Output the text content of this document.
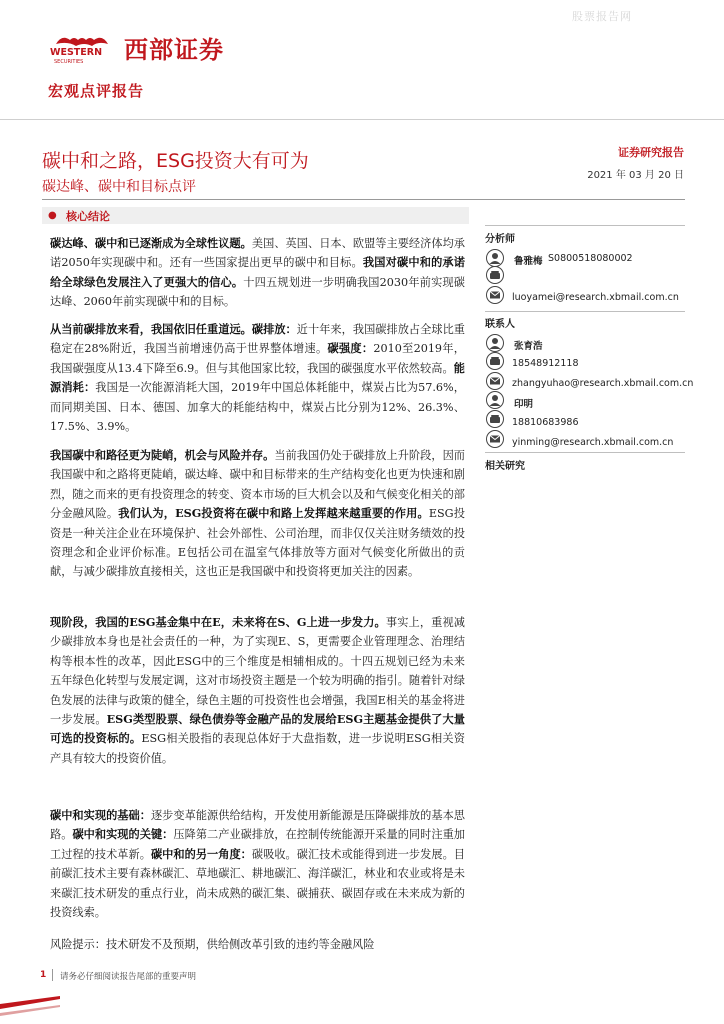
股票报告网
WESTERN
SECURITIES 西部证券
宏观点评报告
碳中和之路，ESG投资大有可为
碳达峰、碳中和目标点评
证券研究报告
2021 年 03 月 20 日
● 核心结论
碳达峰、碳中和已逐渐成为全球性议题。美国、英国、日本、欧盟等主要经济体均承诺2050年实现碳中和。还有一些国家提出更早的碳中和目标。我国对碳中和的承诺给全球绿色发展注入了更强大的信心。十四五规划进一步明确我国2030年前实现碳达峰、2060年前实现碳中和的目标。
从当前碳排放来看，我国依旧任重道远。碳排放：近十年来，我国碳排放占全球比重稳定在28%附近，我国当前增速仍高于世界整体增速。碳强度：2010至2019年，我国碳强度从13.4下降至6.9。但与其他国家比较，我国的碳强度水平依然较高。能源消耗：我国是一次能源消耗大国，2019年中国总体耗能中，煤炭占比为57.6%，而同期美国、日本、德国、加拿大的耗能结构中，煤炭占比分别为12%、26.3%、17.5%、3.9%。
我国碳中和路径更为陡峭，机会与风险并存。当前我国仍处于碳排放上升阶段，因而我国碳中和之路将更陡峭，碳达峰、碳中和目标带来的生产结构变化也更为快速和剧烈，随之而来的更有投资理念的转变、资本市场的巨大机会以及和气候变化相关的部分金融风险。我们认为，ESG投资将在碳中和路上发挥越来越重要的作用。ESG投资是一种关注企业在环境保护、社会外部性、公司治理，而非仅仅关注财务绩效的投资理念和企业评价标准。E包括公司在温室气体排放等方面对气候变化所做出的贡献，与减少碳排放直接相关，这也正是我国碳中和投资将更加关注的因素。
现阶段，我国的ESG基金集中在E，未来将在S、G上进一步发力。事实上，重视减少碳排放本身也是社会责任的一种，为了实现E、S，更需要企业管理理念、治理结构等根本性的改革，因此ESG中的三个维度是相辅相成的。十四五规划已经为未来五年绿色化转型与发展定调，这对市场投资主题是一个较为明确的指引。随着针对绿色发展的法律与政策的健全，绿色主题的可投资性也会增强，我国E相关的基金将进一步发展。ESG类型股票、绿色债券等金融产品的发展给ESG主题基金提供了大量可选的投资标的。ESG相关股指的表现总体好于大盘指数，进一步说明ESG相关资产具有较大的投资价值。
碳中和实现的基础：逐步变革能源供给结构，开发使用新能源是压降碳排放的基本思路。碳中和实现的关键：压降第二产业碳排放，在控制传统能源开采量的同时注重加工过程的技术革新。碳中和的另一角度：碳吸收。碳汇技术或能得到进一步发展。目前碳汇技术主要有森林碳汇、草地碳汇、耕地碳汇、海洋碳汇，林业和农业或将是未来碳汇技术研发的重点行业，尚未成熟的碳汇集、碳捕获、碳固存或在未来成为新的投资线索。
风险提示：技术研发不及预期，供给侧改革引致的违约等金融风险
分析师
鲁雅梅 S0800518080002
luoyamei@research.xbmail.com.cn
联系人
张育浩
18548912118
zhangyuhao@research.xbmail.com.cn
印明
18810683986
yinming@research.xbmail.com.cn
相关研究
1 请务必仔细阅读报告尾部的重要声明
